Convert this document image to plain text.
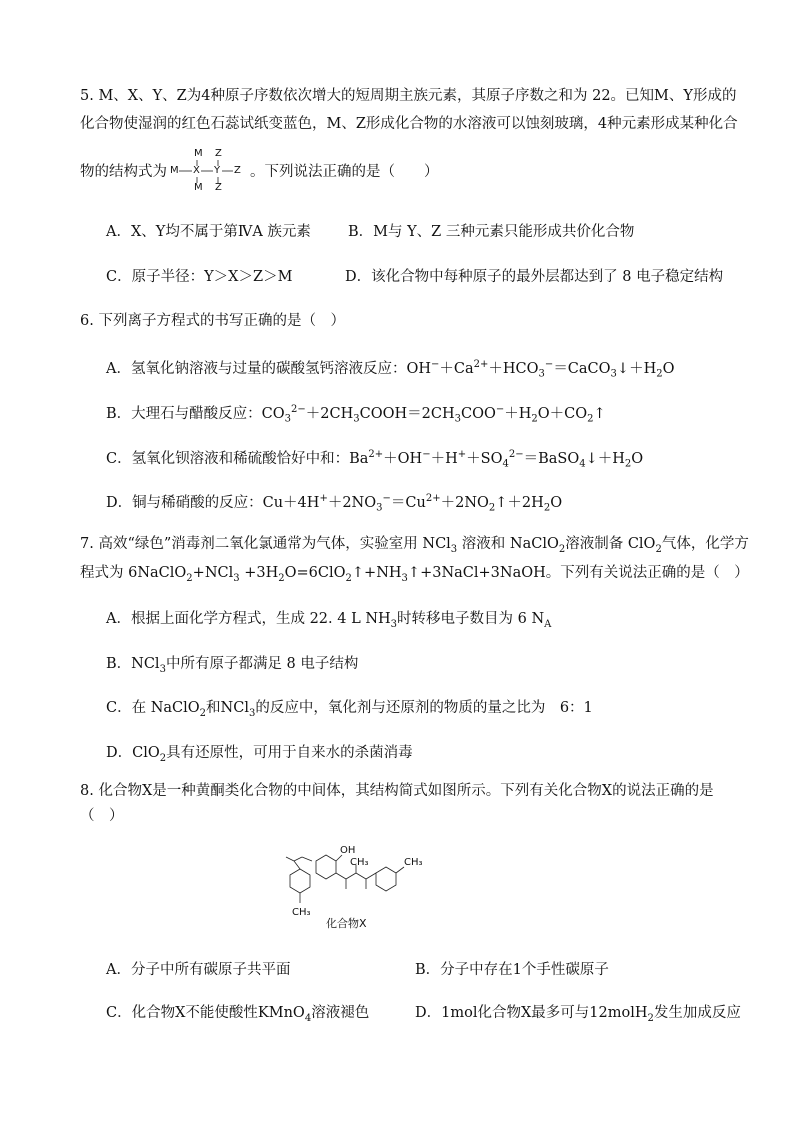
5. M、X、Y、Z为4种原子序数依次增大的短周期主族元素，其原子序数之和为 22。已知M、Y形成的
化合物使湿润的红色石蕊试纸变蓝色，M、Z形成化合物的水溶液可以蚀刻玻璃，4种元素形成某种化合
物的结构式为
M Z
M X Y Z
M Z
。下列说法正确的是（　　）
A．X、Y均不属于第ⅣA 族元素	B．M与 Y、Z 三种元素只能形成共价化合物
C．原子半径：Y＞X＞Z＞M	D．该化合物中每种原子的最外层都达到了 8 电子稳定结构
6. 下列离子方程式的书写正确的是（　）
A．氢氧化钠溶液与过量的碳酸氢钙溶液反应：$OH^-+Ca^{2+}+HCO_3^-=CaCO_3↓+H_2O$
B．大理石与醋酸反应：$CO_3^{2-}+2CH_3COOH=2CH_3COO^-+H_2O+CO_2↑$
C．氢氧化钡溶液和稀硫酸恰好中和：$Ba^{2+}+OH^-+H^++SO_4^{2-}=BaSO_4↓+H_2O$
D．铜与稀硝酸的反应：$Cu+4H^++2NO_3^-=Cu^{2+}+2NO_2↑+2H_2O$
7. 高效“绿色”消毒剂二氧化氯通常为气体，实验室用 NCl$_3$ 溶液和 NaClO$_2$溶液制备 ClO$_2$气体，化学方
程式为 6NaClO$_2$+NCl$_3$ $+3H_2O=6ClO_2↑+NH_3↑+3NaCl+3NaOH$。下列有关说法正确的是（　）
A．根据上面化学方程式，生成 22. 4 L $NH_3$时转移电子数目为 6 $N_A$
B．NCl$_3$中所有原子都满足 8 电子结构
C．在 NaClO$_2$和NCl$_3$的反应中，氧化剂与还原剂的物质的量之比为　6：1
D．ClO$_2$具有还原性，可用于自来水的杀菌消毒
8. 化合物X是一种黄酮类化合物的中间体，其结构简式如图所示。下列有关化合物X的说法正确的是
（　）
OH
CH₃	CH₃
CH₃
化合物X
A．分子中所有碳原子共平面	B．分子中存在1个手性碳原子
C．化合物X不能使酸性KMnO$_4$溶液褪色	D．1mol化合物X最多可与12molH$_2$发生加成反应
